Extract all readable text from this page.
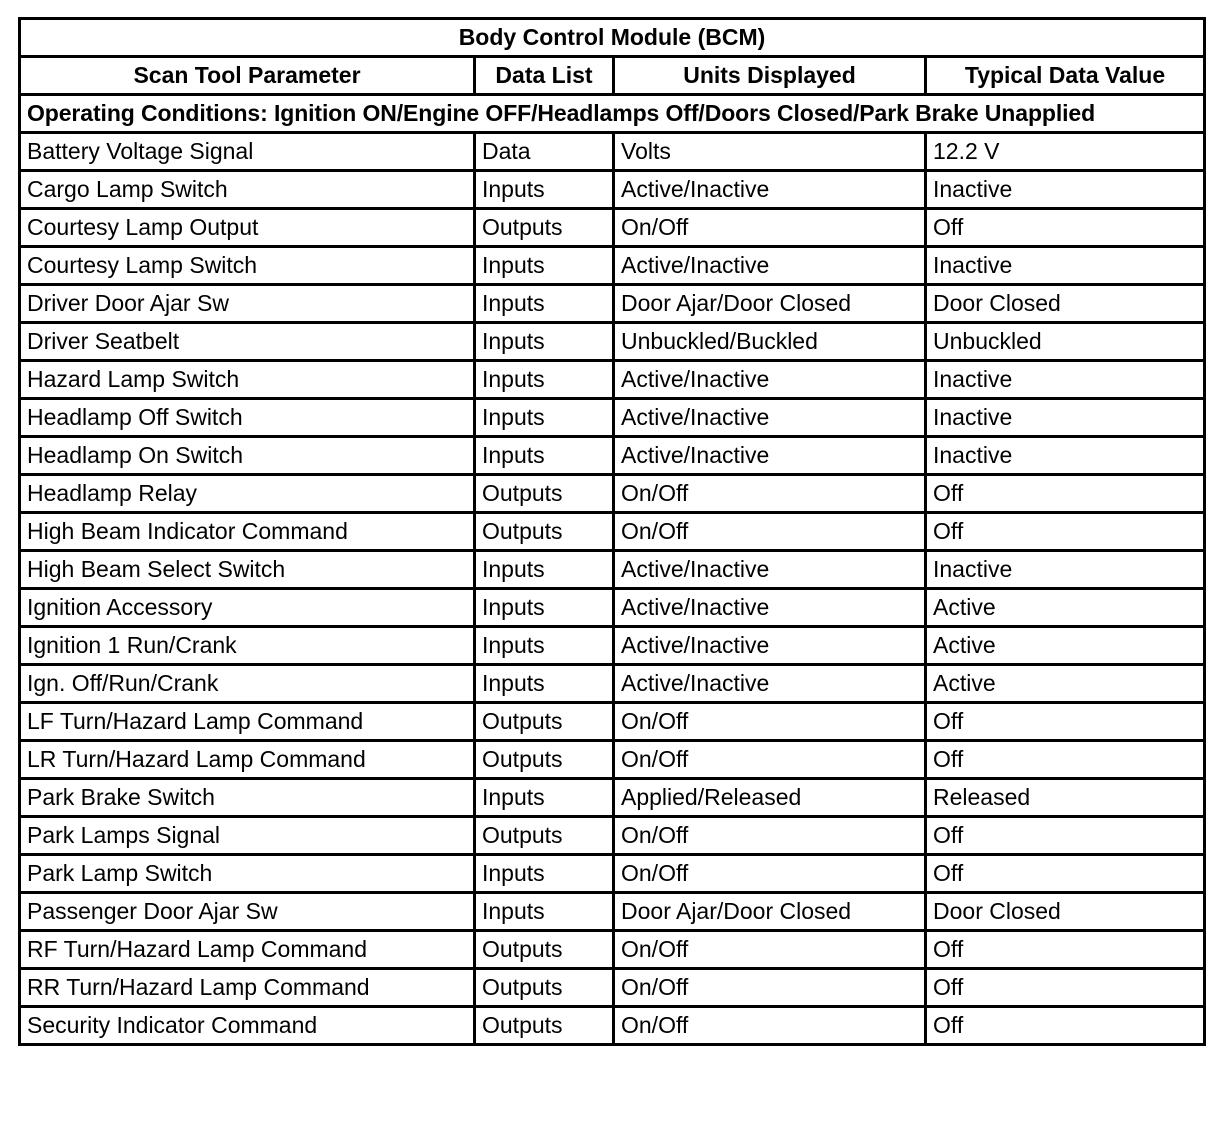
Body Control Module (BCM)			
Scan Tool Parameter	Data List	Units Displayed	Typical Data Value
Operating Conditions: Ignition ON/Engine OFF/Headlamps Off/Doors Closed/Park Brake Unapplied			
Battery Voltage Signal	Data	Volts	12.2 V
Cargo Lamp Switch	Inputs	Active/Inactive	Inactive
Courtesy Lamp Output	Outputs	On/Off	Off
Courtesy Lamp Switch	Inputs	Active/Inactive	Inactive
Driver Door Ajar Sw	Inputs	Door Ajar/Door Closed	Door Closed
Driver Seatbelt	Inputs	Unbuckled/Buckled	Unbuckled
Hazard Lamp Switch	Inputs	Active/Inactive	Inactive
Headlamp Off Switch	Inputs	Active/Inactive	Inactive
Headlamp On Switch	Inputs	Active/Inactive	Inactive
Headlamp Relay	Outputs	On/Off	Off
High Beam Indicator Command	Outputs	On/Off	Off
High Beam Select Switch	Inputs	Active/Inactive	Inactive
Ignition Accessory	Inputs	Active/Inactive	Active
Ignition 1 Run/Crank	Inputs	Active/Inactive	Active
Ign. Off/Run/Crank	Inputs	Active/Inactive	Active
LF Turn/Hazard Lamp Command	Outputs	On/Off	Off
LR Turn/Hazard Lamp Command	Outputs	On/Off	Off
Park Brake Switch	Inputs	Applied/Released	Released
Park Lamps Signal	Outputs	On/Off	Off
Park Lamp Switch	Inputs	On/Off	Off
Passenger Door Ajar Sw	Inputs	Door Ajar/Door Closed	Door Closed
RF Turn/Hazard Lamp Command	Outputs	On/Off	Off
RR Turn/Hazard Lamp Command	Outputs	On/Off	Off
Security Indicator Command	Outputs	On/Off	Off
